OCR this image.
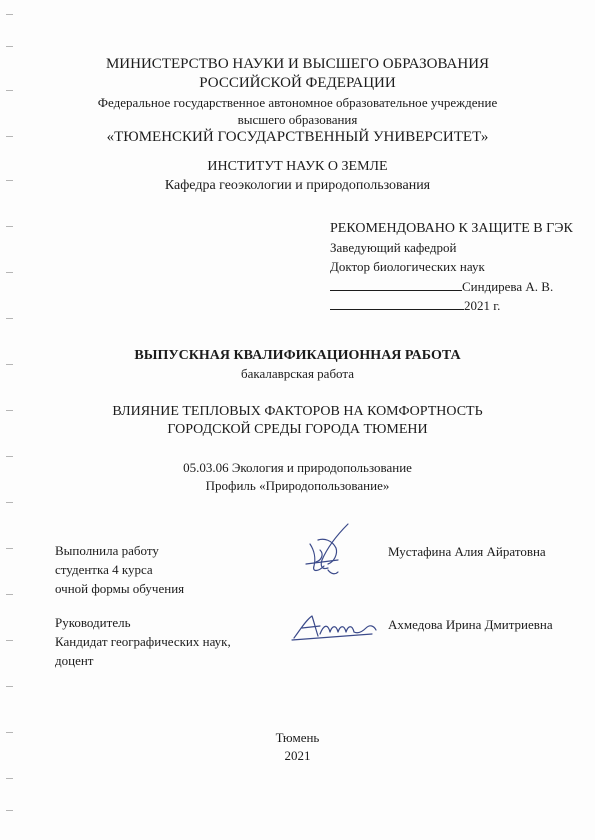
МИНИСТЕРСТВО НАУКИ И ВЫСШЕГО ОБРАЗОВАНИЯ
РОССИЙСКОЙ ФЕДЕРАЦИИ
Федеральное государственное автономное образовательное учреждение
высшего образования
«ТЮМЕНСКИЙ ГОСУДАРСТВЕННЫЙ УНИВЕРСИТЕТ»
ИНСТИТУТ НАУК О ЗЕМЛЕ
Кафедра геоэкологии и природопользования
РЕКОМЕНДОВАНО К ЗАЩИТЕ В ГЭК
Заведующий кафедрой
Доктор биологических наук
Синдирева А. В.
2021 г.
ВЫПУСКНАЯ КВАЛИФИКАЦИОННАЯ РАБОТА
бакалаврская работа
ВЛИЯНИЕ ТЕПЛОВЫХ ФАКТОРОВ НА КОМФОРТНОСТЬ
ГОРОДСКОЙ СРЕДЫ ГОРОДА ТЮМЕНИ
05.03.06 Экология и природопользование
Профиль «Природопользование»
Выполнила работу
студентка 4 курса
очной формы обучения
Мустафина Алия Айратовна
Руководитель
Кандидат географических наук,
доцент
Ахмедова Ирина Дмитриевна
Тюмень
2021
